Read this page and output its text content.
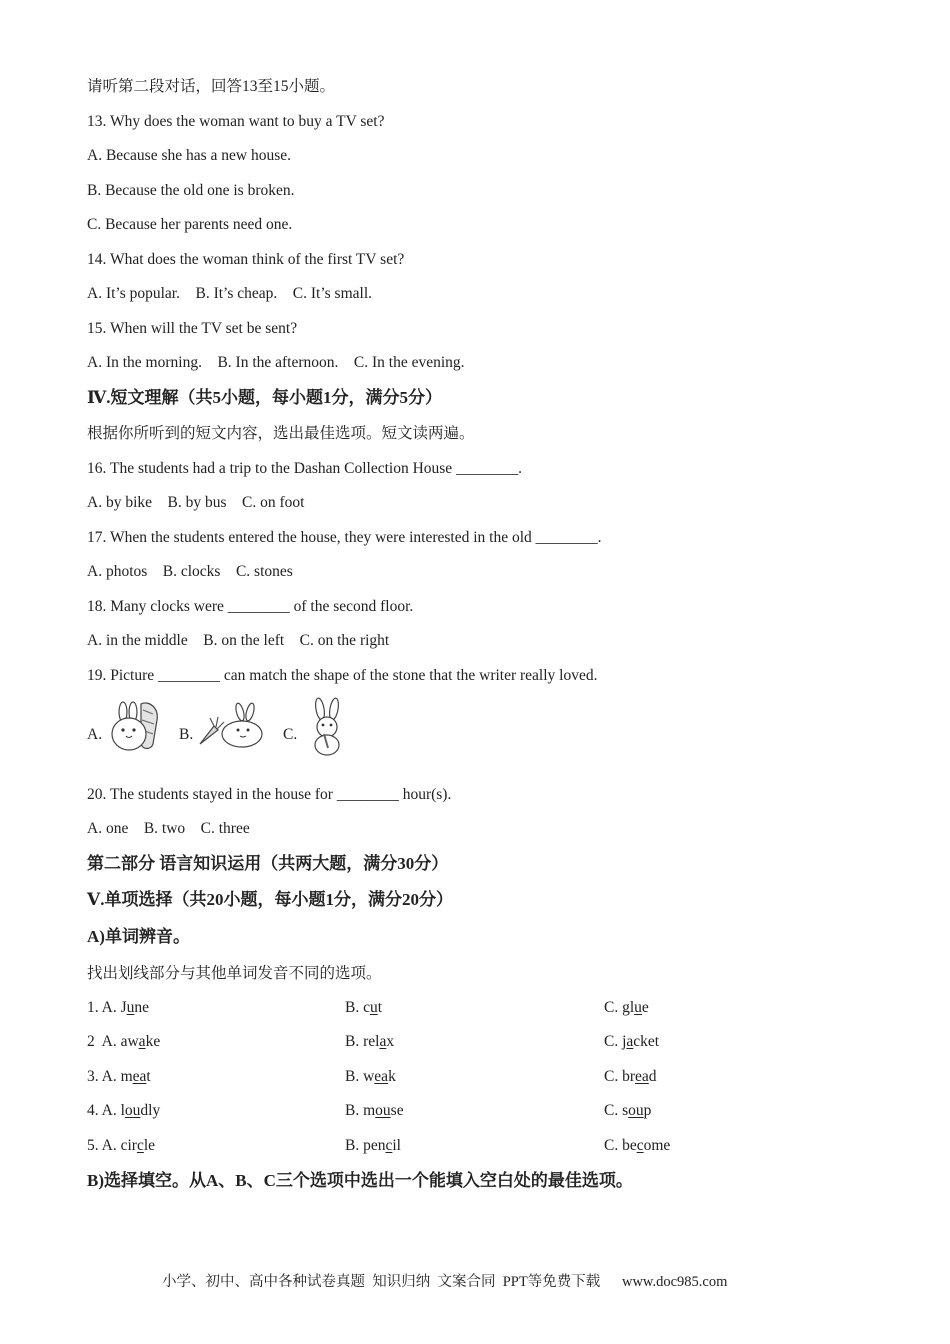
请听第二段对话，回答13至15小题。
13. Why does the woman want to buy a TV set?
A. Because she has a new house.
B. Because the old one is broken.
C. Because her parents need one.
14. What does the woman think of the first TV set?
A. It’s popular.    B. It’s cheap.    C. It’s small.
15. When will the TV set be sent?
A. In the morning.    B. In the afternoon.    C. In the evening.
Ⅳ.短文理解（共5小题，每小题1分，满分5分）
根据你所听到的短文内容，选出最佳选项。短文读两遍。
16. The students had a trip to the Dashan Collection House ________.
A. by bike    B. by bus    C. on foot
17. When the students entered the house, they were interested in the old ________.
A. photos    B. clocks    C. stones
18. Many clocks were ________ of the second floor.
A. in the middle    B. on the left    C. on the right
19. Picture ________ can match the shape of the stone that the writer really loved.
A.	B.	C.
20. The students stayed in the house for ________ hour(s).
A. one    B. two    C. three
第二部分 语言知识运用（共两大题，满分30分）
Ⅴ.单项选择（共20小题，每小题1分，满分20分）
A)单词辨音。
找出划线部分与其他单词发音不同的选项。
1. A. June	B. cut	C. glue
2  A. awake	B. relax	C. jacket
3. A. meat	B. weak	C. bread
4. A. loudly	B. mouse	C. soup
5. A. circle	B. pencil	C. become
B)选择填空。从A、B、C三个选项中选出一个能填入空白处的最佳选项。
小学、初中、高中各种试卷真题  知识归纳  文案合同  PPT等免费下载      www.doc985.com
